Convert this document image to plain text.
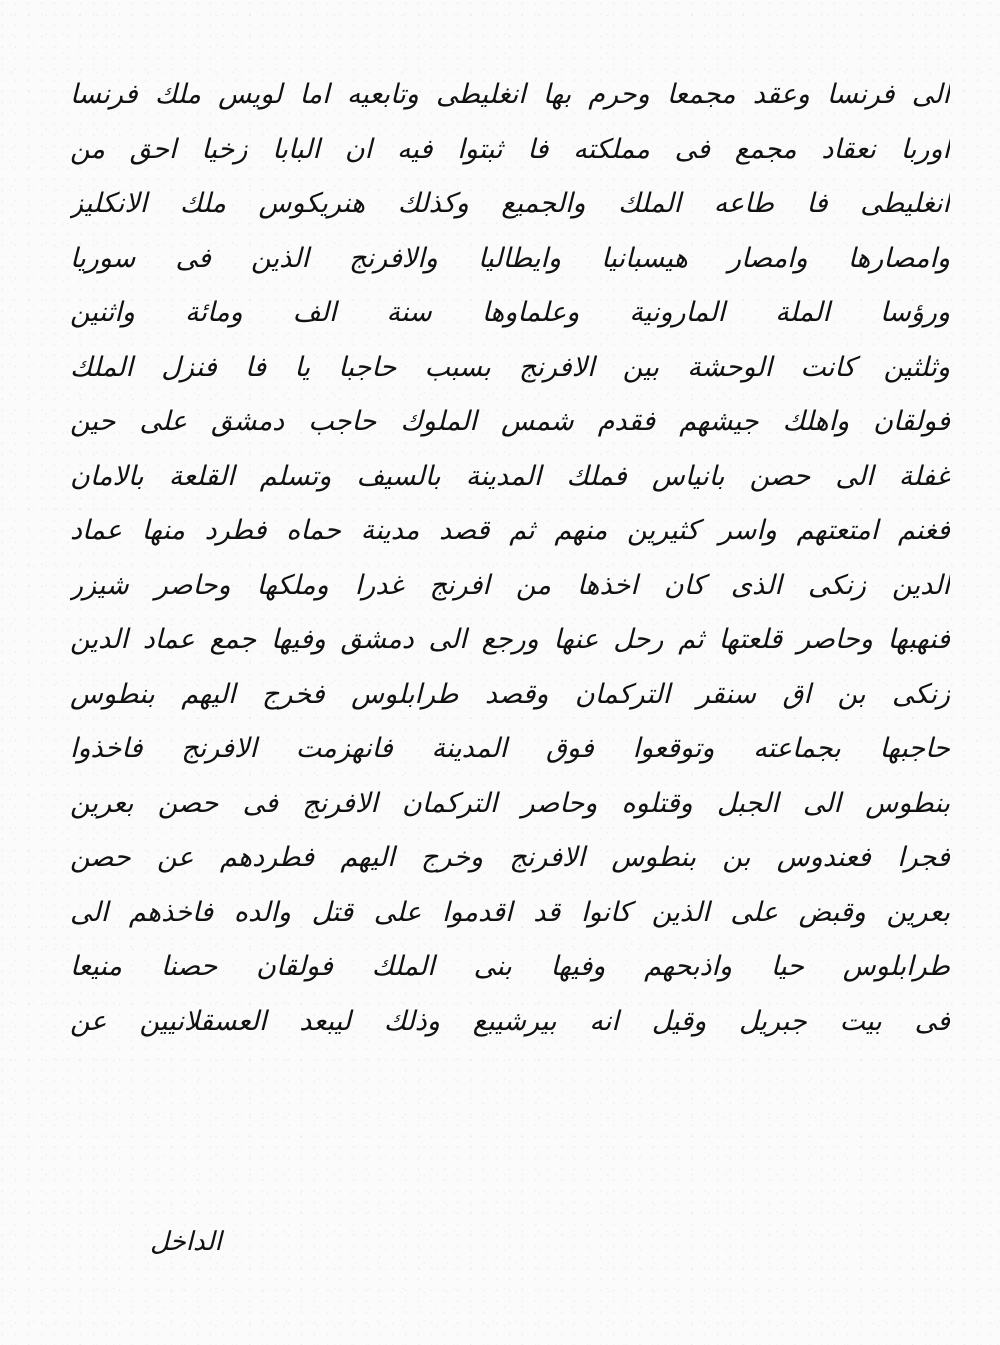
الى فرنسا وعقد مجمعا وحرم بها انغليطى وتابعيه اما لويس ملك فرنسا
اوربا نعقاد مجمع فى مملكته فا ثبتوا فيه ان البابا زخيا احق من
انغليطى فا طاعه الملك والجميع وكذلك هنريكوس ملك الانكليز
وامصارها وامصار هيسبانيا وايطاليا والافرنج الذين فى سوريا
ورؤسا الملة المارونية وعلماوها سنة الف ومائة واثنين
وثلثين كانت الوحشة بين الافرنج بسبب حاجبا يا فا فنزل الملك
فولقان واهلك جيشهم فقدم شمس الملوك حاجب دمشق على حين
غفلة الى حصن بانياس فملك المدينة بالسيف وتسلم القلعة بالامان
فغنم امتعتهم واسر كثيرين منهم ثم قصد مدينة حماه فطرد منها عماد
الدين زنكى الذى كان اخذها من افرنج غدرا وملكها وحاصر شيزر
فنهبها وحاصر قلعتها ثم رحل عنها ورجع الى دمشق وفيها جمع عماد الدين
زنكى بن اق سنقر التركمان وقصد طرابلوس فخرج اليهم بنطوس
حاجبها بجماعته وتوقعوا فوق المدينة فانهزمت الافرنج فاخذوا
بنطوس الى الجبل وقتلوه وحاصر التركمان الافرنج فى حصن بعرين
فجرا فعندوس بن بنطوس الافرنج وخرج اليهم فطردهم عن حصن
بعرين وقبض على الذين كانوا قد اقدموا على قتل والده فاخذهم الى
طرابلوس حيا واذبحهم وفيها بنى الملك فولقان حصنا منيعا
فى بيت جبريل وقيل انه بيرشيبع وذلك ليبعد العسقلانيين عن
الداخل
